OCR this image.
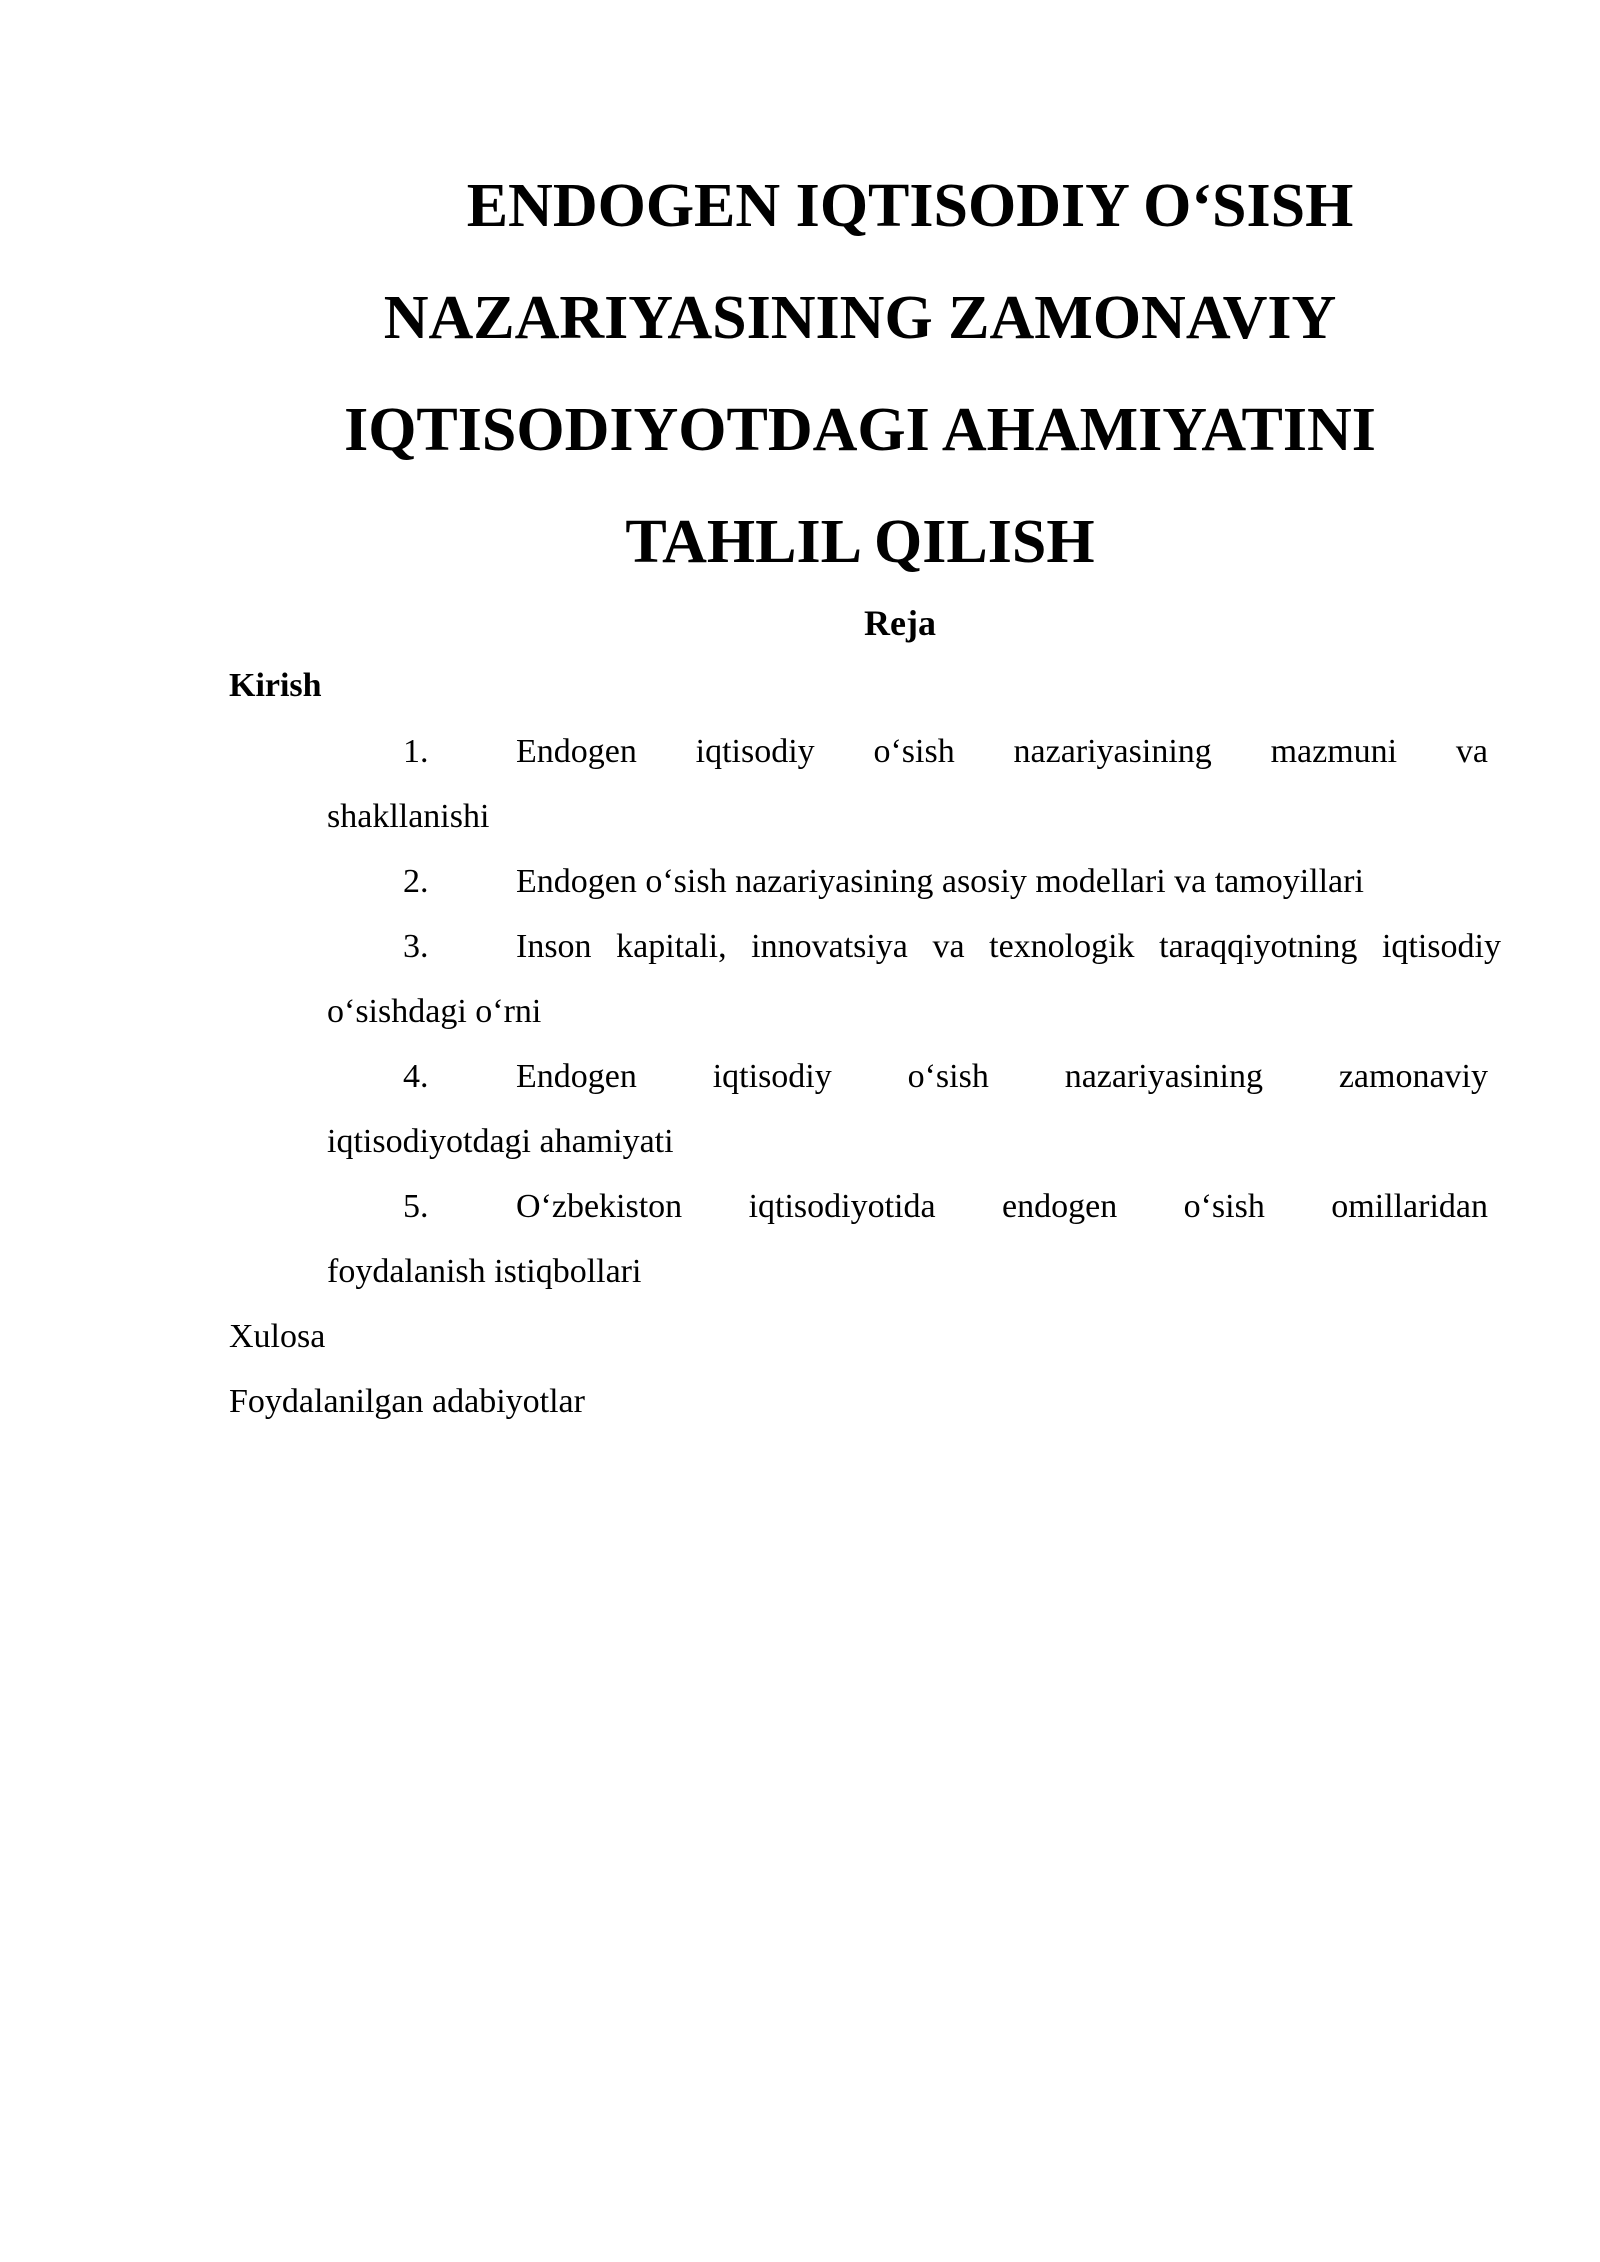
ENDOGEN IQTISODIY O‘SISH
NAZARIYASINING ZAMONAVIY
IQTISODIYOTDAGI AHAMIYATINI
TAHLIL QILISH
Reja
Kirish
1.	Endogen iqtisodiy o‘sish nazariyasining mazmuni va
shakllanishi
2.	Endogen o‘sish nazariyasining asosiy modellari va tamoyillari
3.	Inson kapitali, innovatsiya va texnologik taraqqiyotning iqtisodiy
o‘sishdagi o‘rni
4.	Endogen iqtisodiy o‘sish nazariyasining zamonaviy
iqtisodiyotdagi ahamiyati
5.	O‘zbekiston iqtisodiyotida endogen o‘sish omillaridan
foydalanish istiqbollari
Xulosa
Foydalanilgan adabiyotlar
